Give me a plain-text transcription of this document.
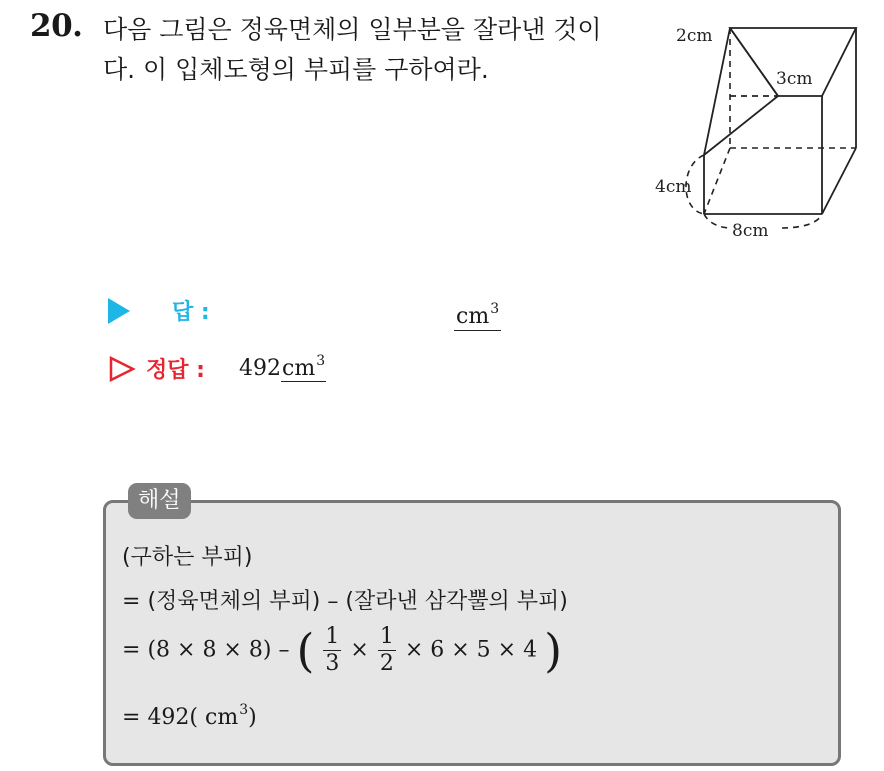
20. 다음 그림은 정육면체의 일부분을 잘라낸 것이
다. 이 입체도형의 부피를 구하여라.
2cm
3cm
4cm
8cm
답 :	$cm^3$
정답 : $492cm^3$
해설
(구하는 부피)
= (정육면체의 부피) – (잘라낸 삼각뿔의 부피)
= (8 × 8 × 8) – ( $\frac{1}{3} \times \frac{1}{2} \times 6 \times 5 \times 4$ )
= 492( $cm^3$)
